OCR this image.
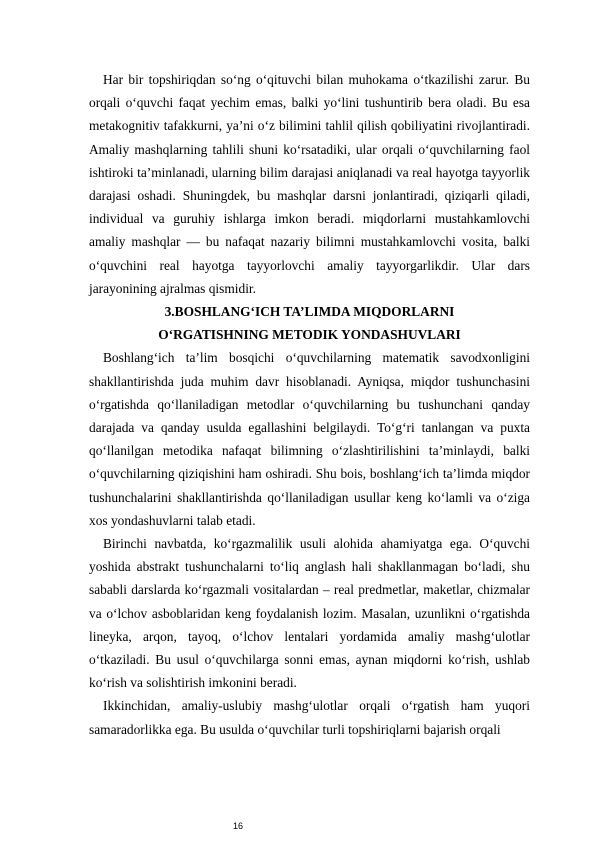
Har bir topshiriqdan so‘ng o‘qituvchi bilan muhokama o‘tkazilishi zarur. Bu orqali o‘quvchi faqat yechim emas, balki yo‘lini tushuntirib bera oladi. Bu esa metakognitiv tafakkurni, ya’ni o‘z bilimini tahlil qilish qobiliyatini rivojlantiradi. Amaliy mashqlarning tahlili shuni ko‘rsatadiki, ular orqali o‘quvchilarning faol ishtiroki ta’minlanadi, ularning bilim darajasi aniqlanadi va real hayotga tayyorlik darajasi oshadi. Shuningdek, bu mashqlar darsni jonlantiradi, qiziqarli qiladi, individual va guruhiy ishlarga imkon beradi. miqdorlarni mustahkamlovchi amaliy mashqlar — bu nafaqat nazariy bilimni mustahkamlovchi vosita, balki o‘quvchini real hayotga tayyorlovchi amaliy tayyorgarlikdir. Ular dars jarayonining ajralmas qismidir.

3.BOSHLANG‘ICH TA’LIMDA MIQDORLARNI

O‘RGATISHNING METODIK YONDASHUVLARI

Boshlang‘ich ta’lim bosqichi o‘quvchilarning matematik savodxonligini shakllantirishda juda muhim davr hisoblanadi. Ayniqsa, miqdor tushunchasini o‘rgatishda qo‘llaniladigan metodlar o‘quvchilarning bu tushunchani qanday darajada va qanday usulda egallashini belgilaydi. To‘g‘ri tanlangan va puxta qo‘llanilgan metodika nafaqat bilimning o‘zlashtirilishini ta’minlaydi, balki o‘quvchilarning qiziqishini ham oshiradi. Shu bois, boshlang‘ich ta’limda miqdor tushunchalarini shakllantirishda qo‘llaniladigan usullar keng ko‘lamli va o‘ziga xos yondashuvlarni talab etadi.

Birinchi navbatda, ko‘rgazmalilik usuli alohida ahamiyatga ega. O‘quvchi yoshida abstrakt tushunchalarni to‘liq anglash hali shakllanmagan bo‘ladi, shu sababli darslarda ko‘rgazmali vositalardan – real predmetlar, maketlar, chizmalar va o‘lchov asboblaridan keng foydalanish lozim. Masalan, uzunlikni o‘rgatishda lineyka, arqon, tayoq, o‘lchov lentalari yordamida amaliy mashg‘ulotlar o‘tkaziladi. Bu usul o‘quvchilarga sonni emas, aynan miqdorni ko‘rish, ushlab ko‘rish va solishtirish imkonini beradi.

Ikkinchidan, amaliy-uslubiy mashg‘ulotlar orqali o‘rgatish ham yuqori samaradorlikka ega. Bu usulda o‘quvchilar turli topshiriqlarni bajarish orqali

16
